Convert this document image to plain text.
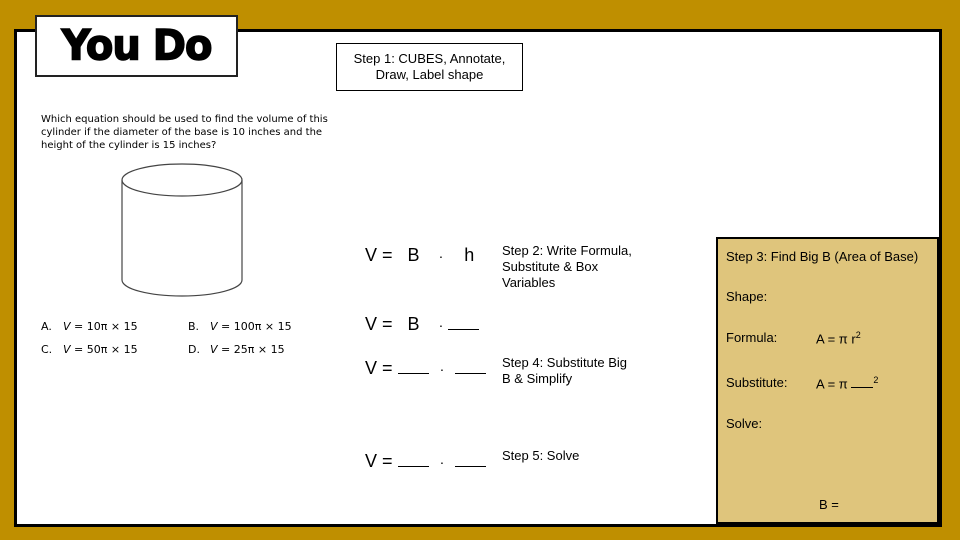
You Do	Step 1: CUBES, Annotate,
Draw, Label shape
Which equation should be used to find the volume of this cylinder if the diameter of the base is 10 inches and the height of the cylinder is 15 inches?
A. V = 10π × 15	B. V = 100π × 15
C. V = 50π × 15	D. V = 25π × 15
V = B · h Step 2: Write Formula,
Substitute & Box
Variables
V = B ·
V =	·	Step 4: Substitute Big
B & Simplify
V =	·	Step 5: Solve
Step 3: Find Big B (Area of Base)
Shape:
Formula:	A = π $r^2$
Substitute: A = π	$^2$
Solve:
B =
